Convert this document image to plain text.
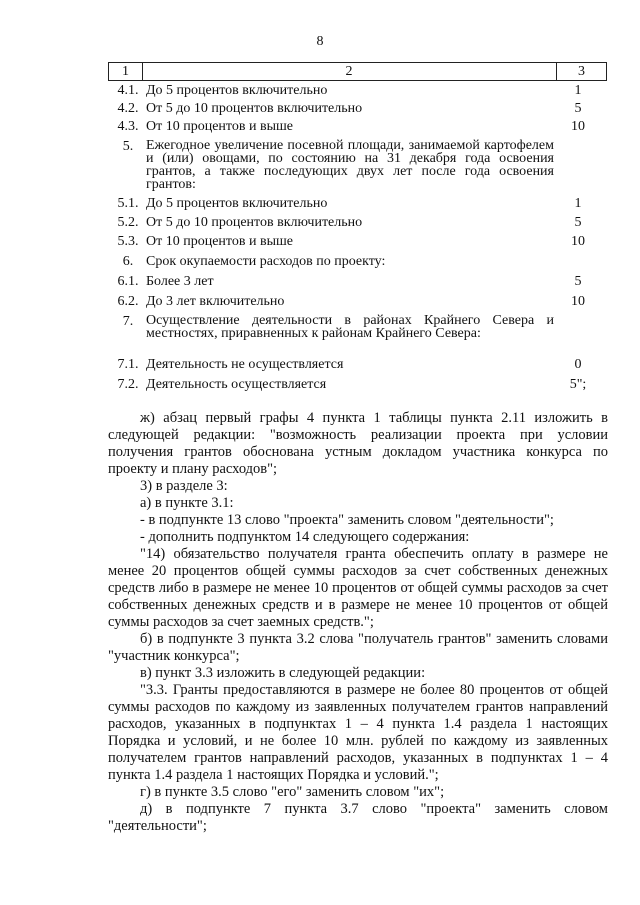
8
1	2	3
4.1. До 5 процентов включительно	1
4.2. От 5 до 10 процентов включительно	5
4.3. От 10 процентов и выше	10
5. Ежегодное увеличение посевной площади, занимаемой картофелем и (или) овощами, по состоянию на 31 декабря года освоения грантов, а также последующих двух лет после года освоения грантов:
5.1. До 5 процентов включительно	1
5.2. От 5 до 10 процентов включительно	5
5.3. От 10 процентов и выше	10
6. Срок окупаемости расходов по проекту:
6.1. Более 3 лет	5
6.2. До 3 лет включительно	10
7. Осуществление деятельности в районах Крайнего Севера и местностях, приравненных к районам Крайнего Севера:
7.1. Деятельность не осуществляется	0
7.2. Деятельность осуществляется	5";

ж) абзац первый графы 4 пункта 1 таблицы пункта 2.11 изложить в следующей редакции: "возможность реализации проекта при условии получения грантов обоснована устным докладом участника конкурса по проекту и плану расходов";

3) в разделе 3:

а) в пункте 3.1:

- в подпункте 13 слово "проекта" заменить словом "деятельности";

- дополнить подпунктом 14 следующего содержания:

"14) обязательство получателя гранта обеспечить оплату в размере не менее 20 процентов общей суммы расходов за счет собственных денежных средств либо в размере не менее 10 процентов от общей суммы расходов за счет собственных денежных средств и в размере не менее 10 процентов от общей суммы расходов за счет заемных средств.";

б) в подпункте 3 пункта 3.2 слова "получатель грантов" заменить словами "участник конкурса";

в) пункт 3.3 изложить в следующей редакции:

"3.3. Гранты предоставляются в размере не более 80 процентов от общей суммы расходов по каждому из заявленных получателем грантов направлений расходов, указанных в подпунктах 1 – 4 пункта 1.4 раздела 1 настоящих Порядка и условий, и не более 10 млн. рублей по каждому из заявленных получателем грантов направлений расходов, указанных в подпунктах 1 – 4 пункта 1.4 раздела 1 настоящих Порядка и условий.";

г) в пункте 3.5 слово "его" заменить словом "их";

д) в подпункте 7 пункта 3.7 слово "проекта" заменить словом "деятельности";
